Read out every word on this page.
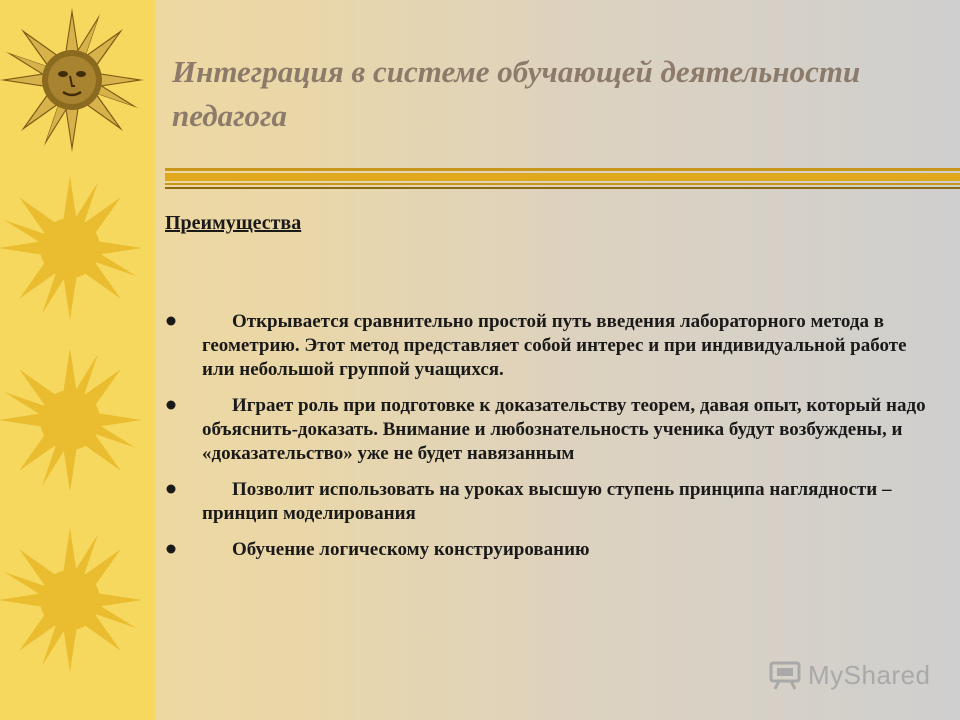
Интеграция в системе обучающей деятельности педагога
Преимущества
Открывается сравнительно простой путь введения лабораторного метода в геометрию. Этот метод представляет собой интерес и при индивидуальной работе или небольшой группой учащихся.
Играет роль при подготовке к доказательству теорем, давая опыт, который надо объяснить-доказать. Внимание и любознательность ученика будут возбуждены, и «доказательство» уже не будет навязанным
Позволит использовать на уроках высшую ступень принципа наглядности – принцип моделирования
Обучение логическому конструированию
MyShared
